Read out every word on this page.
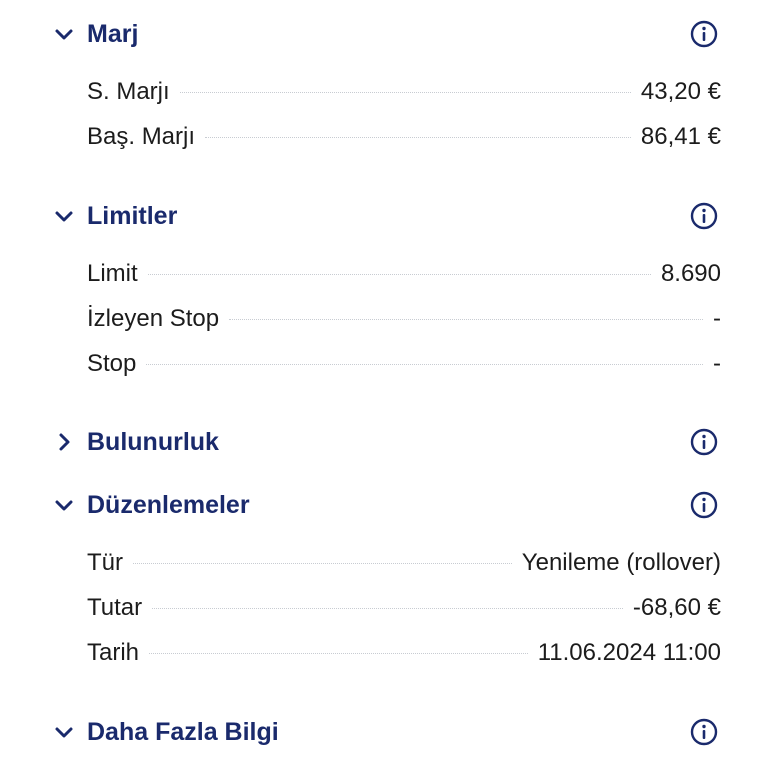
Marj
S. Marjı	43,20 €
Baş. Marjı	86,41 €
Limitler
Limit	8.690
İzleyen Stop	-
Stop	-
Bulunurluk
Düzenlemeler
Tür	Yenileme (rollover)
Tutar	-68,60 €
Tarih	11.06.2024 11:00
Daha Fazla Bilgi
